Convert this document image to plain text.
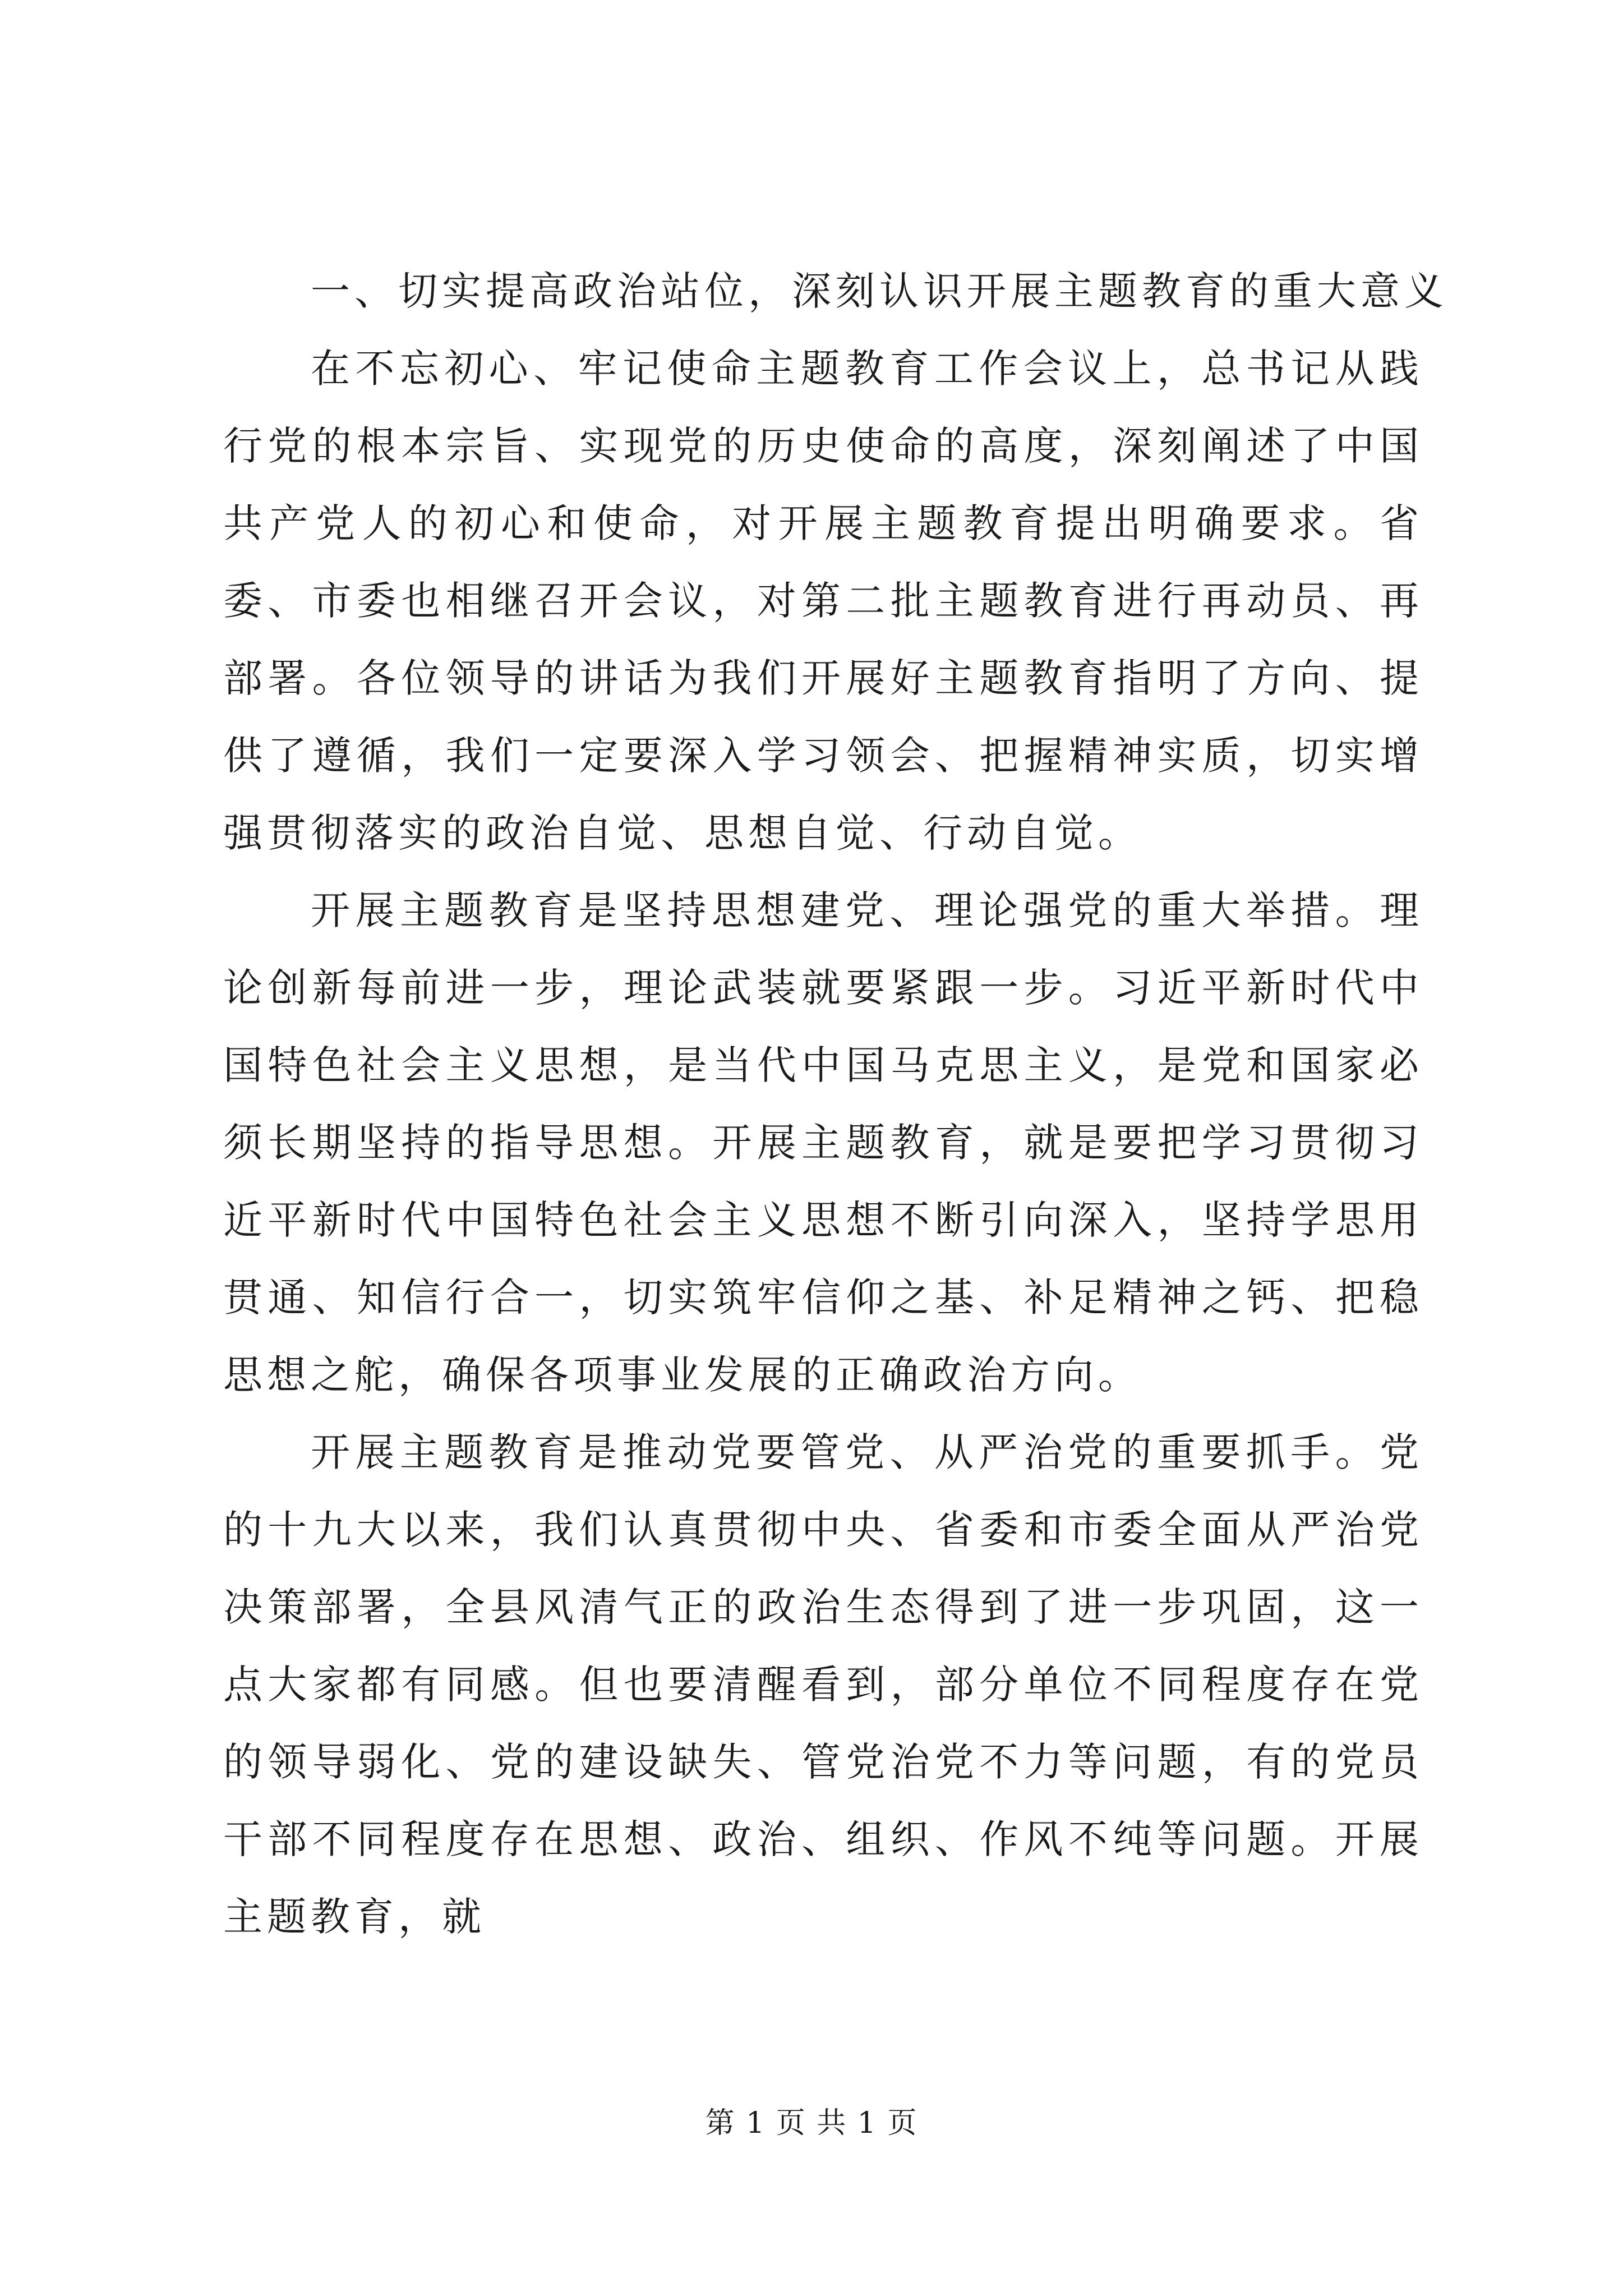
一、切实提高政治站位，深刻认识开展主题教育的重大意义

在不忘初心、牢记使命主题教育工作会议上，总书记从践行党的根本宗旨、实现党的历史使命的高度，深刻阐述了中国共产党人的初心和使命，对开展主题教育提出明确要求。省委、市委也相继召开会议，对第二批主题教育进行再动员、再部署。各位领导的讲话为我们开展好主题教育指明了方向、提供了遵循，我们一定要深入学习领会、把握精神实质，切实增强贯彻落实的政治自觉、思想自觉、行动自觉。

开展主题教育是坚持思想建党、理论强党的重大举措。理论创新每前进一步，理论武装就要紧跟一步。习近平新时代中国特色社会主义思想，是当代中国马克思主义，是党和国家必须长期坚持的指导思想。开展主题教育，就是要把学习贯彻习近平新时代中国特色社会主义思想不断引向深入，坚持学思用贯通、知信行合一，切实筑牢信仰之基、补足精神之钙、把稳思想之舵，确保各项事业发展的正确政治方向。

开展主题教育是推动党要管党、从严治党的重要抓手。党的十九大以来，我们认真贯彻中央、省委和市委全面从严治党决策部署，全县风清气正的政治生态得到了进一步巩固，这一点大家都有同感。但也要清醒看到，部分单位不同程度存在党的领导弱化、党的建设缺失、管党治党不力等问题，有的党员干部不同程度存在思想、政治、组织、作风不纯等问题。开展主题教育，就

第 1 页 共 1 页
